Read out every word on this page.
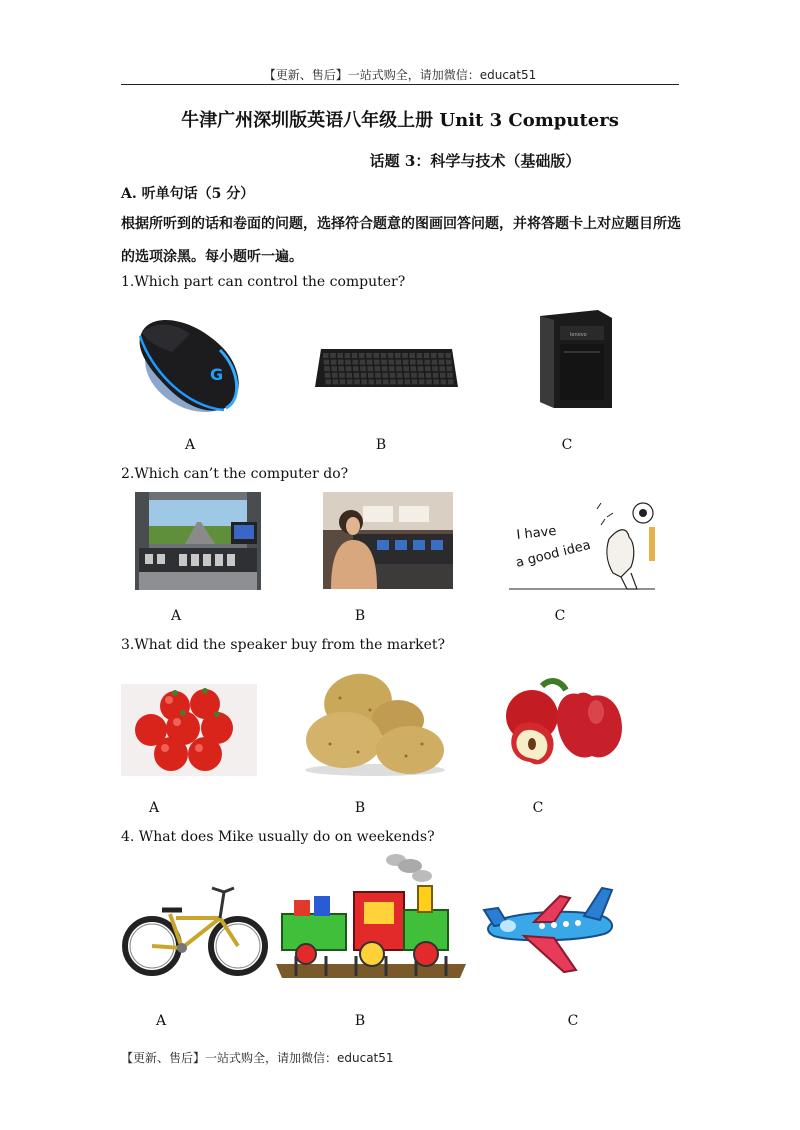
【更新、售后】一站式购全，请加微信：educat51
牛津广州深圳版英语八年级上册 Unit 3 Computers
话题 3：科学与技术（基础版）
A. 听单句话（5 分）
根据所听到的话和卷面的问题，选择符合题意的图画回答问题，并将答题卡上对应题目所选的选项涂黑。每小题听一遍。
1.Which part can control the computer?
G
lenovo
A	B	C
2.Which can’t the computer do?
I have
a good idea
A	B	C
3.What did the speaker buy from the market?
A	B	C
4. What does Mike usually do on weekends?
A	B	C
【更新、售后】一站式购全，请加微信：educat51
